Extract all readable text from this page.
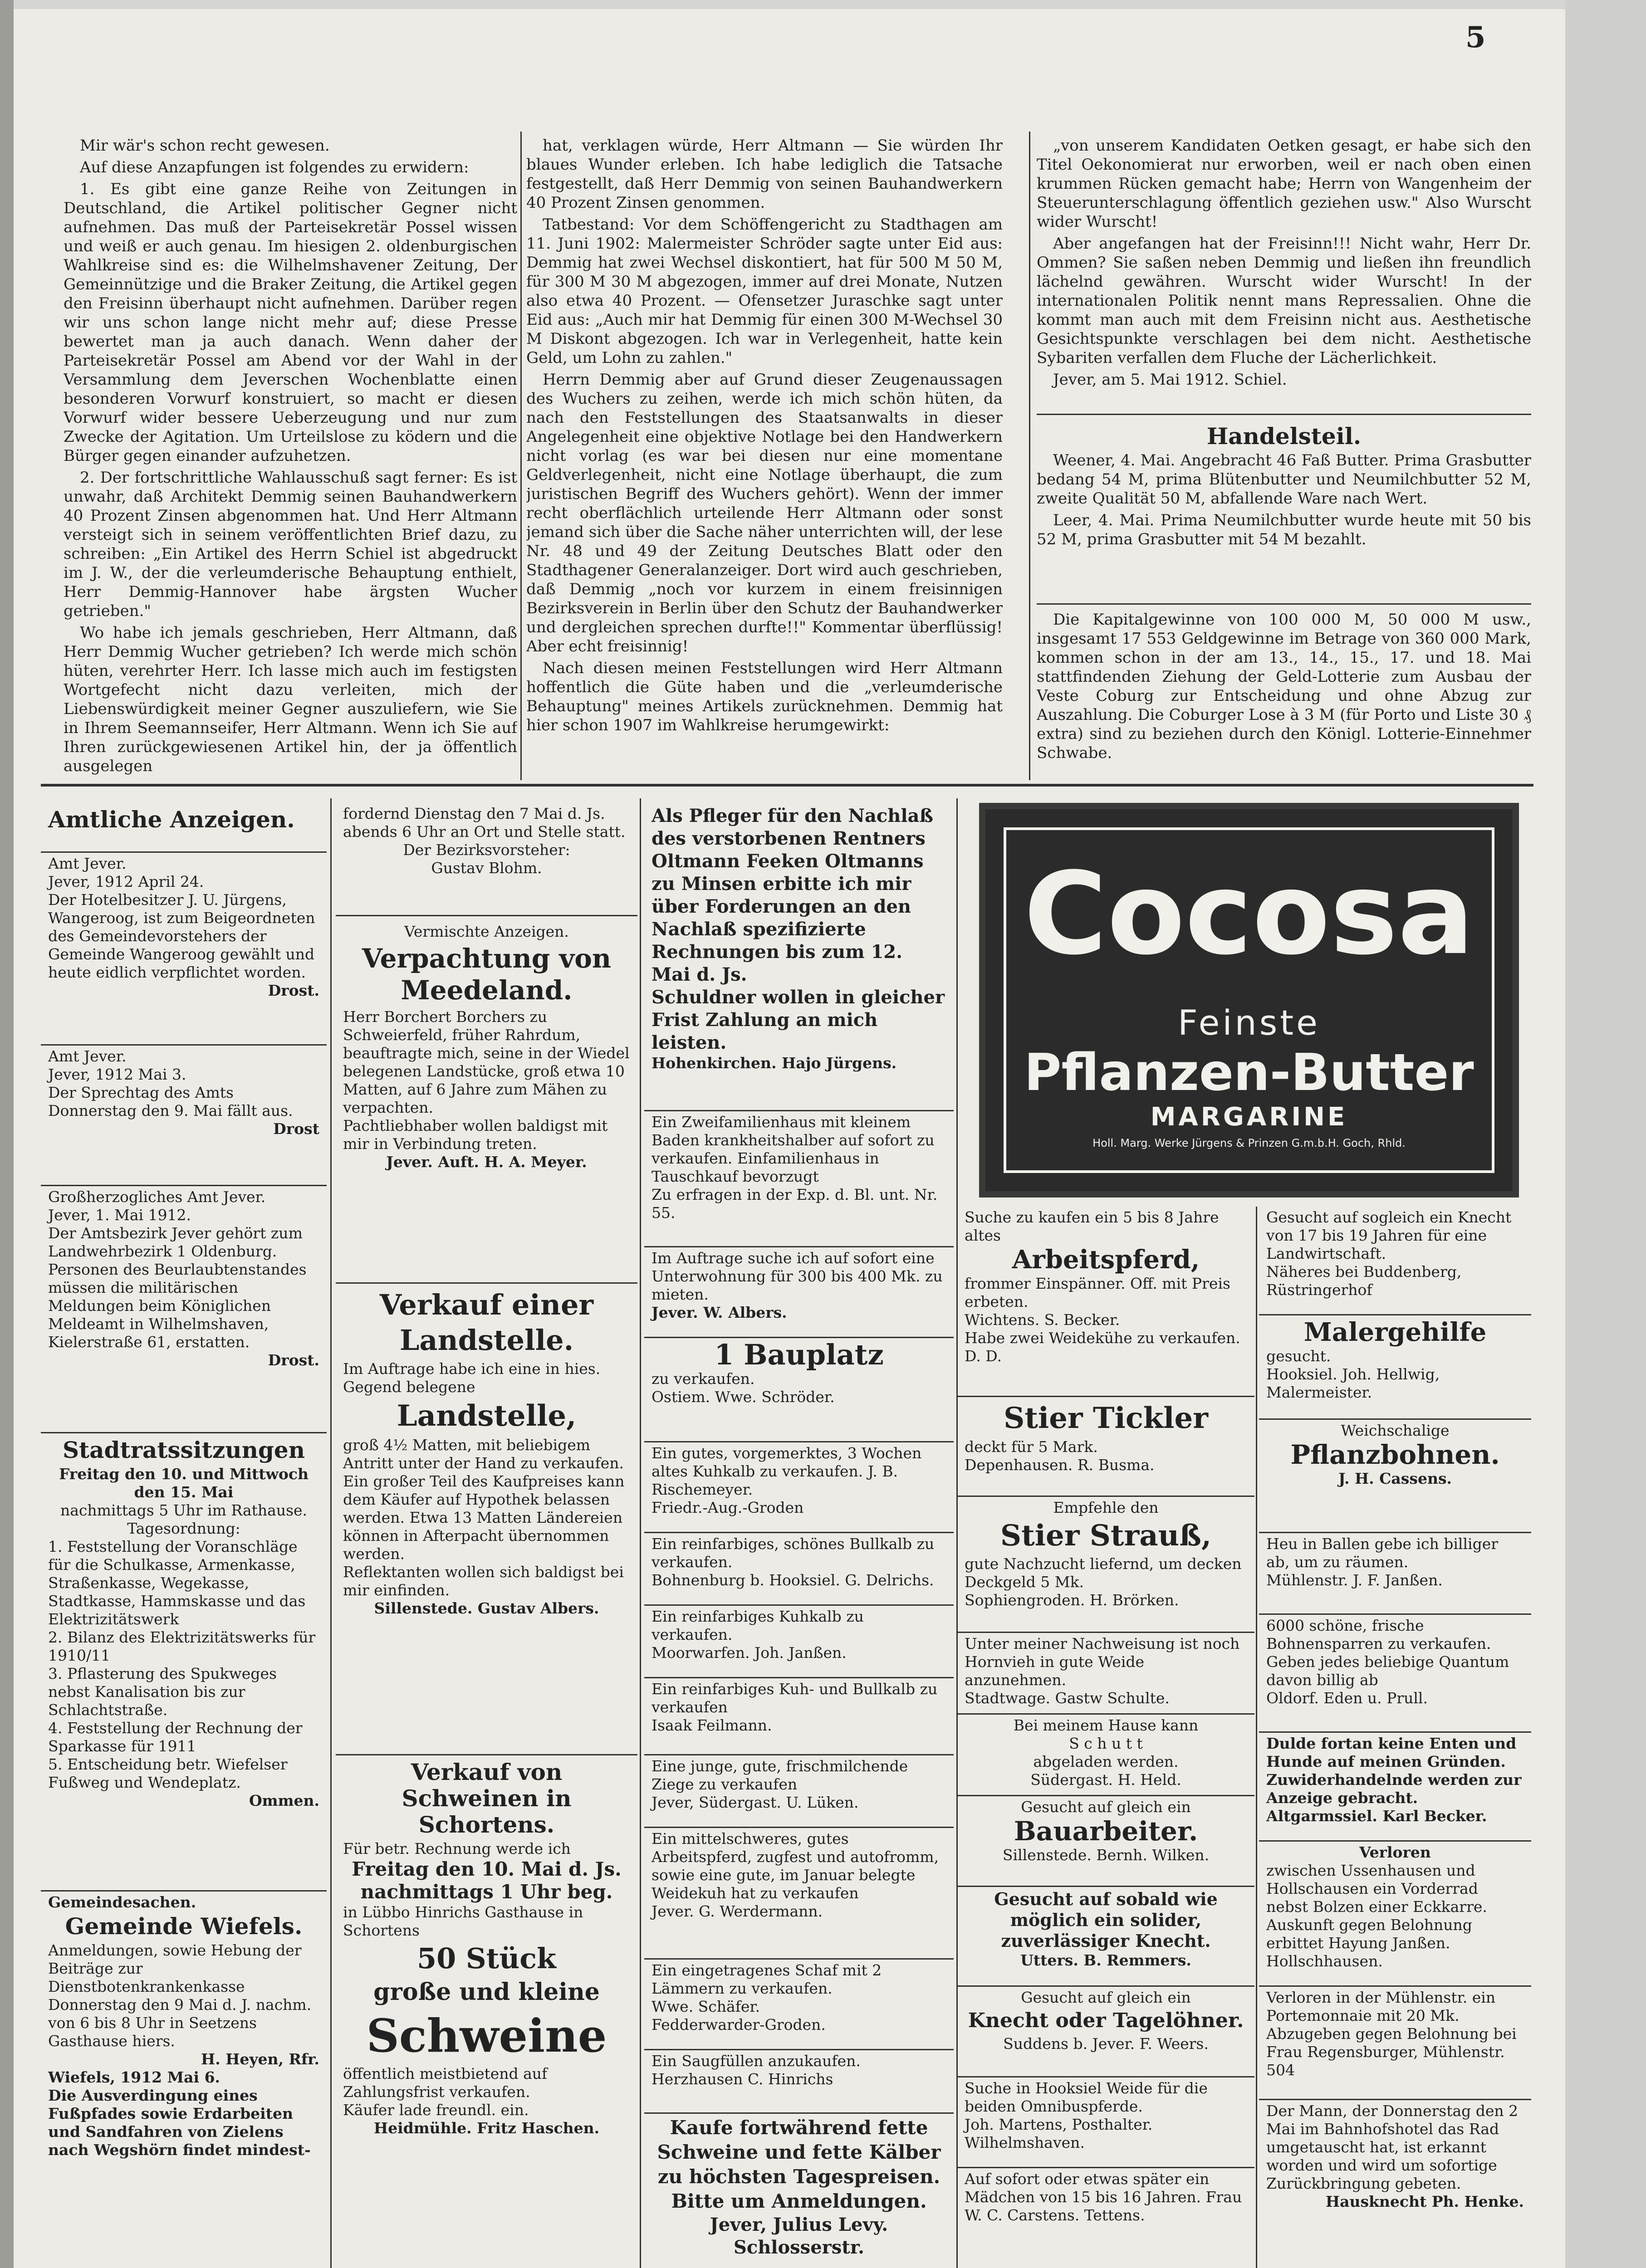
5

Mir wär's schon recht gewesen.

Auf diese Anzapfungen ist folgendes zu erwidern:

1. Es gibt eine ganze Reihe von Zeitungen in Deutschland, die Artikel politischer Gegner nicht aufnehmen. Das muß der Parteisekretär Possel wissen und weiß er auch genau. Im hiesigen 2. oldenburgischen Wahlkreise sind es: die Wilhelmshavener Zeitung, Der Gemeinnützige und die Braker Zeitung, die Artikel gegen den Freisinn überhaupt nicht aufnehmen. Darüber regen wir uns schon lange nicht mehr auf; diese Presse bewertet man ja auch danach. Wenn daher der Parteisekretär Possel am Abend vor der Wahl in der Versammlung dem Jeverschen Wochenblatte einen besonderen Vorwurf konstruiert, so macht er diesen Vorwurf wider bessere Ueberzeugung und nur zum Zwecke der Agitation. Um Urteilslose zu ködern und die Bürger gegen einander aufzuhetzen.

2. Der fortschrittliche Wahlausschuß sagt ferner: Es ist unwahr, daß Architekt Demmig seinen Bauhandwerkern 40 Prozent Zinsen abgenommen hat. Und Herr Altmann versteigt sich in seinem veröffentlichten Brief dazu, zu schreiben: „Ein Artikel des Herrn Schiel ist abgedruckt im J. W., der die verleumderische Behauptung enthielt, Herr Demmig-Hannover habe ärgsten Wucher getrieben."

Wo habe ich jemals geschrieben, Herr Altmann, daß Herr Demmig Wucher getrieben? Ich werde mich schön hüten, verehrter Herr. Ich lasse mich auch im festigsten Wortgefecht nicht dazu verleiten, mich der Liebenswürdigkeit meiner Gegner auszuliefern, wie Sie in Ihrem Seemannseifer, Herr Altmann. Wenn ich Sie auf Ihren zurückgewiesenen Artikel hin, der ja öffentlich ausgelegen

hat, verklagen würde, Herr Altmann — Sie würden Ihr blaues Wunder erleben. Ich habe lediglich die Tatsache festgestellt, daß Herr Demmig von seinen Bauhandwerkern 40 Prozent Zinsen genommen.

Tatbestand: Vor dem Schöffengericht zu Stadthagen am 11. Juni 1902: Malermeister Schröder sagte unter Eid aus: Demmig hat zwei Wechsel diskontiert, hat für 500 M 50 M, für 300 M 30 M abgezogen, immer auf drei Monate, Nutzen also etwa 40 Prozent. — Ofensetzer Juraschke sagt unter Eid aus: „Auch mir hat Demmig für einen 300 M-Wechsel 30 M Diskont abgezogen. Ich war in Verlegenheit, hatte kein Geld, um Lohn zu zahlen."

Herrn Demmig aber auf Grund dieser Zeugenaussagen des Wuchers zu zeihen, werde ich mich schön hüten, da nach den Feststellungen des Staatsanwalts in dieser Angelegenheit eine objektive Notlage bei den Handwerkern nicht vorlag (es war bei diesen nur eine momentane Geldverlegenheit, nicht eine Notlage überhaupt, die zum juristischen Begriff des Wuchers gehört). Wenn der immer recht oberflächlich urteilende Herr Altmann oder sonst jemand sich über die Sache näher unterrichten will, der lese Nr. 48 und 49 der Zeitung Deutsches Blatt oder den Stadthagener Generalanzeiger. Dort wird auch geschrieben, daß Demmig „noch vor kurzem in einem freisinnigen Bezirksverein in Berlin über den Schutz der Bauhandwerker und dergleichen sprechen durfte!!" Kommentar überflüssig! Aber echt freisinnig!

Nach diesen meinen Feststellungen wird Herr Altmann hoffentlich die Güte haben und die „verleumderische Behauptung" meines Artikels zurücknehmen. Demmig hat hier schon 1907 im Wahlkreise herumgewirkt:

„von unserem Kandidaten Oetken gesagt, er habe sich den Titel Oekonomierat nur erworben, weil er nach oben einen krummen Rücken gemacht habe; Herrn von Wangenheim der Steuerunterschlagung öffentlich geziehen usw." Also Wurscht wider Wurscht!

Aber angefangen hat der Freisinn!!! Nicht wahr, Herr Dr. Ommen? Sie saßen neben Demmig und ließen ihn freundlich lächelnd gewähren. Wurscht wider Wurscht! In der internationalen Politik nennt mans Repressalien. Ohne die kommt man auch mit dem Freisinn nicht aus. Aesthetische Gesichtspunkte verschlagen bei dem nicht. Aesthetische Sybariten verfallen dem Fluche der Lächerlichkeit.

Jever, am 5. Mai 1912. Schiel.

Handelsteil.

Weener, 4. Mai. Angebracht 46 Faß Butter. Prima Grasbutter bedang 54 M, prima Blütenbutter und Neumilchbutter 52 M, zweite Qualität 50 M, abfallende Ware nach Wert.

Leer, 4. Mai. Prima Neumilchbutter wurde heute mit 50 bis 52 M, prima Grasbutter mit 54 M bezahlt.

Die Kapitalgewinne von 100 000 M, 50 000 M usw., insgesamt 17 553 Geldgewinne im Betrage von 360 000 Mark, kommen schon in der am 13., 14., 15., 17. und 18. Mai stattfindenden Ziehung der Geld-Lotterie zum Ausbau der Veste Coburg zur Entscheidung und ohne Abzug zur Auszahlung. Die Coburger Lose à 3 M (für Porto und Liste 30 ₰ extra) sind zu beziehen durch den Königl. Lotterie-Einnehmer Schwabe.

Amtliche Anzeigen.

Amt Jever.
Jever, 1912 April 24.
Der Hotelbesitzer J. U. Jürgens, Wangeroog, ist zum Beigeordneten des Gemeindevorstehers der Gemeinde Wangeroog gewählt und heute eidlich verpflichtet worden.

Drost.

Amt Jever.
Jever, 1912 Mai 3.
Der Sprechtag des Amts Donnerstag den 9. Mai fällt aus.

Drost

Großherzogliches Amt Jever.
Jever, 1. Mai 1912.
Der Amtsbezirk Jever gehört zum Landwehrbezirk 1 Oldenburg. Personen des Beurlaubtenstandes müssen die militärischen Meldungen beim Königlichen Meldeamt in Wilhelmshaven, Kielerstraße 61, erstatten.

Drost.

Stadtratssitzungen

Freitag den 10. und Mittwoch den 15. Mai

nachmittags 5 Uhr im Rathause.

Tagesordnung:

1. Feststellung der Voranschläge für die Schulkasse, Armenkasse, Straßenkasse, Wegekasse, Stadtkasse, Hammskasse und das Elektrizitätswerk

2. Bilanz des Elektrizitätswerks für 1910/11

3. Pflasterung des Spukweges nebst Kanalisation bis zur Schlachtstraße.

4. Feststellung der Rechnung der Sparkasse für 1911

5. Entscheidung betr. Wiefelser Fußweg und Wendeplatz.

Ommen.

Gemeindesachen.

Gemeinde Wiefels.

Anmeldungen, sowie Hebung der Beiträge zur Dienstbotenkrankenkasse Donnerstag den 9 Mai d. J. nachm. von 6 bis 8 Uhr in Seetzens Gasthause hiers.

H. Heyen, Rfr.

Wiefels, 1912 Mai 6.

Die Ausverdingung eines Fußpfades sowie Erdarbeiten und Sandfahren von Zielens nach Wegshörn findet mindest-

fordernd Dienstag den 7 Mai d. Js. abends 6 Uhr an Ort und Stelle statt.

Der Bezirksvorsteher:

Gustav Blohm.

Vermischte Anzeigen.

Verpachtung von Meedeland.

Herr Borchert Borchers zu Schweierfeld, früher Rahrdum, beauftragte mich, seine in der Wiedel belegenen Landstücke, groß etwa 10 Matten, auf 6 Jahre zum Mähen zu verpachten.
Pachtliebhaber wollen baldigst mit mir in Verbindung treten.

Jever. Auft. H. A. Meyer.

Verkauf einer Landstelle.

Im Auftrage habe ich eine in hies. Gegend belegene

Landstelle,

groß 4½ Matten, mit beliebigem Antritt unter der Hand zu verkaufen. Ein großer Teil des Kaufpreises kann dem Käufer auf Hypothek belassen werden. Etwa 13 Matten Ländereien können in Afterpacht übernommen werden.
Reflektanten wollen sich baldigst bei mir einfinden.

Sillenstede. Gustav Albers.

Verkauf von Schweinen in Schortens.

Für betr. Rechnung werde ich

Freitag den 10. Mai d. Js. nachmittags 1 Uhr beg.

in Lübbo Hinrichs Gasthause in Schortens

50 Stück
große und kleine
Schweine

öffentlich meistbietend auf Zahlungsfrist verkaufen.
Käufer lade freundl. ein.

Heidmühle. Fritz Haschen.

Als Pfleger für den Nachlaß des verstorbenen Rentners Oltmann Feeken Oltmanns zu Minsen erbitte ich mir über Forderungen an den Nachlaß spezifizierte Rechnungen bis zum 12. Mai d. Js.
Schuldner wollen in gleicher Frist Zahlung an mich leisten.

Hohenkirchen. Hajo Jürgens.

Ein Zweifamilienhaus mit kleinem Baden krankheitshalber auf sofort zu verkaufen. Einfamilienhaus in Tauschkauf bevorzugt
Zu erfragen in der Exp. d. Bl. unt. Nr. 55.

Im Auftrage suche ich auf sofort eine Unterwohnung für 300 bis 400 Mk. zu mieten.

Jever. W. Albers.

1 Bauplatz

zu verkaufen.
Ostiem. Wwe. Schröder.

Ein gutes, vorgemerktes, 3 Wochen altes Kuhkalb zu verkaufen. J. B. Rischemeyer.
Friedr.-Aug.-Groden

Ein reinfarbiges, schönes Bullkalb zu verkaufen.
Bohnenburg b. Hooksiel. G. Delrichs.

Ein reinfarbiges Kuhkalb zu verkaufen.
Moorwarfen. Joh. Janßen.

Ein reinfarbiges Kuh- und Bullkalb zu verkaufen
Isaak Feilmann.

Eine junge, gute, frischmilchende Ziege zu verkaufen
Jever, Südergast. U. Lüken.

Ein mittelschweres, gutes Arbeitspferd, zugfest und autofromm, sowie eine gute, im Januar belegte Weidekuh hat zu verkaufen
Jever. G. Werdermann.

Ein eingetragenes Schaf mit 2 Lämmern zu verkaufen.
Wwe. Schäfer.
Fedderwarder-Groden.

Ein Saugfüllen anzukaufen.
Herzhausen C. Hinrichs

Kaufe fortwährend fette Schweine und fette Kälber zu höchsten Tagespreisen. Bitte um Anmeldungen.

Jever, Julius Levy. Schlosserstr.

Cocosa
Feinste
Pflanzen-Butter
MARGARINE
Holl. Marg. Werke Jürgens & Prinzen G.m.b.H. Goch, Rhld.

Suche zu kaufen ein 5 bis 8 Jahre altes

Arbeitspferd,

frommer Einspänner. Off. mit Preis erbeten.
Wichtens. S. Becker.
Habe zwei Weidekühe zu verkaufen. D. D.

Stier Tickler

deckt für 5 Mark.
Depenhausen. R. Busma.

Empfehle den

Stier Strauß,

gute Nachzucht liefernd, um decken Deckgeld 5 Mk.
Sophiengroden. H. Brörken.

Unter meiner Nachweisung ist noch Hornvieh in gute Weide anzunehmen.
Stadtwage. Gastw Schulte.

Bei meinem Hause kann
S c h u t t
abgeladen werden.
Südergast. H. Held.

Gesucht auf gleich ein

Bauarbeiter.

Sillenstede. Bernh. Wilken.

Gesucht auf sobald wie möglich ein solider, zuverlässiger Knecht.

Utters. B. Remmers.

Gesucht auf gleich ein

Knecht oder Tagelöhner.

Suddens b. Jever. F. Weers.

Suche in Hooksiel Weide für die beiden Omnibuspferde.
Joh. Martens, Posthalter. Wilhelmshaven.

Auf sofort oder etwas später ein Mädchen von 15 bis 16 Jahren. Frau W. C. Carstens. Tettens.

Gesucht auf sogleich ein Knecht von 17 bis 19 Jahren für eine Landwirtschaft.
Näheres bei Buddenberg, Rüstringerhof

Malergehilfe

gesucht.
Hooksiel. Joh. Hellwig, Malermeister.

Weichschalige

Pflanzbohnen.

J. H. Cassens.

Heu in Ballen gebe ich billiger ab, um zu räumen.
Mühlenstr. J. F. Janßen.

6000 schöne, frische Bohnensparren zu verkaufen. Geben jedes beliebige Quantum davon billig ab
Oldorf. Eden u. Prull.

Dulde fortan keine Enten und Hunde auf meinen Gründen. Zuwiderhandelnde werden zur Anzeige gebracht.
Altgarmssiel. Karl Becker.

Verloren

zwischen Ussenhausen und Hollschausen ein Vorderrad nebst Bolzen einer Eckkarre. Auskunft gegen Belohnung erbittet Hayung Janßen. Hollschhausen.

Verloren in der Mühlenstr. ein Portemonnaie mit 20 Mk. Abzugeben gegen Belohnung bei Frau Regensburger, Mühlenstr. 504

Der Mann, der Donnerstag den 2 Mai im Bahnhofshotel das Rad umgetauscht hat, ist erkannt worden und wird um sofortige Zurückbringung gebeten.

Hausknecht Ph. Henke.
